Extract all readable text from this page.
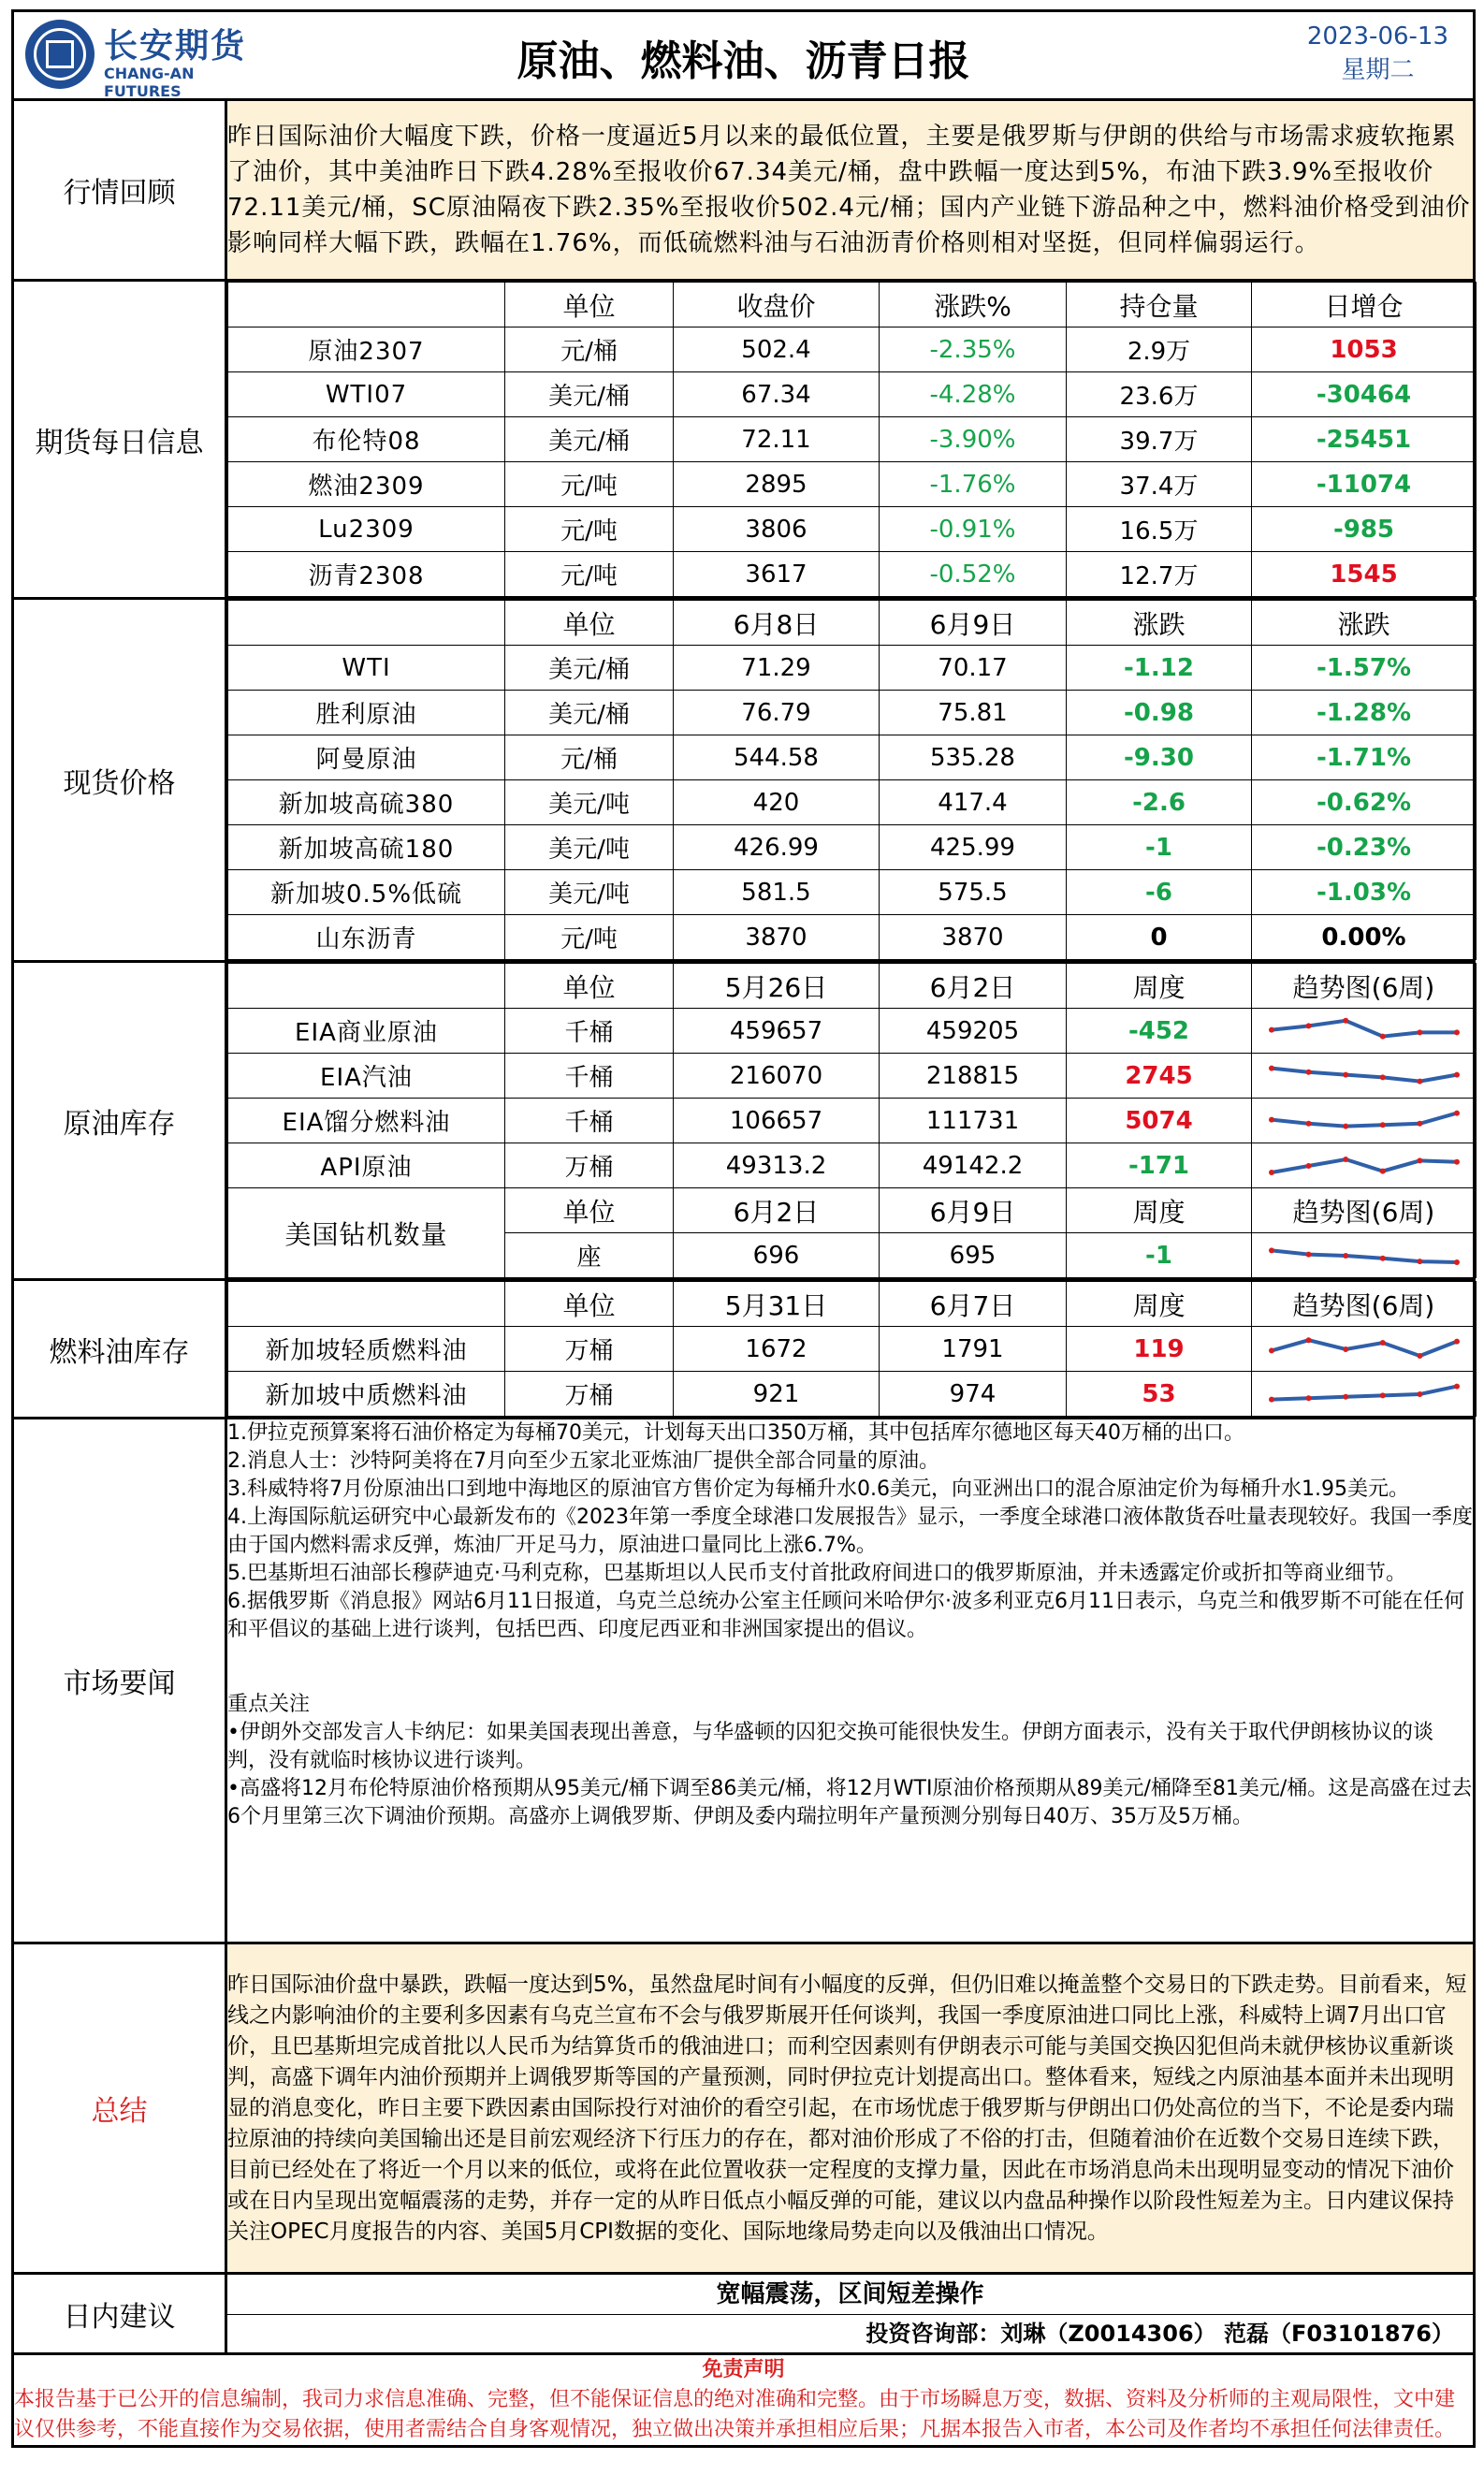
长安期货
CHANG-AN FUTURES
原油、燃料油、沥青日报
2023-06-13
星期二

行情回顾	昨日国际油价大幅度下跌，价格一度逼近5月以来的最低位置，主要是俄罗斯与伊朗的供给与市场需求疲软拖累了油价，其中美油昨日下跌4.28%至报收价67.34美元/桶，盘中跌幅一度达到5%，布油下跌3.9%至报收价72.11美元/桶，SC原油隔夜下跌2.35%至报收价502.4元/桶；国内产业链下游品种之中，燃料油价格受到油价影响同样大幅下跌，跌幅在1.76%，而低硫燃料油与石油沥青价格则相对坚挺，但同样偏弱运行。
期货每日信息	
	单位	收盘价	涨跌%	持仓量	日增仓
原油2307	元/桶	502.4	-2.35%	2.9万	1053
WTI07	美元/桶	67.34	-4.28%	23.6万	-30464
布伦特08	美元/桶	72.11	-3.90%	39.7万	-25451
燃油2309	元/吨	2895	-1.76%	37.4万	-11074
Lu2309	元/吨	3806	-0.91%	16.5万	-985
沥青2308	元/吨	3617	-0.52%	12.7万	1545

现货价格	
	单位	6月8日	6月9日	涨跌	涨跌
WTI	美元/桶	71.29	70.17	-1.12	-1.57%
胜利原油	美元/桶	76.79	75.81	-0.98	-1.28%
阿曼原油	元/桶	544.58	535.28	-9.30	-1.71%
新加坡高硫380	美元/吨	420	417.4	-2.6	-0.62%
新加坡高硫180	美元/吨	426.99	425.99	-1	-0.23%
新加坡0.5%低硫	美元/吨	581.5	575.5	-6	-1.03%
山东沥青	元/吨	3870	3870	0	0.00%

原油库存	
	单位	5月26日	6月2日	周度	趋势图(6周)
EIA商业原油	千桶	459657	459205	-452	

EIA汽油	千桶	216070	218815	2745	

EIA馏分燃料油	千桶	106657	111731	5074	

API原油	万桶	49313.2	49142.2	-171	

美国钻机数量	单位	6月2日	6月9日	周度	趋势图(6周)
座	696	695	-1	

燃料油库存	
	单位	5月31日	6月7日	周度	趋势图(6周)
新加坡轻质燃料油	万桶	1672	1791	119	

新加坡中质燃料油	万桶	921	974	53	

市场要闻	
1.伊拉克预算案将石油价格定为每桶70美元，计划每天出口350万桶，其中包括库尔德地区每天40万桶的出口。
2.消息人士：沙特阿美将在7月向至少五家北亚炼油厂提供全部合同量的原油。
3.科威特将7月份原油出口到地中海地区的原油官方售价定为每桶升水0.6美元，向亚洲出口的混合原油定价为每桶升水1.95美元。
4.上海国际航运研究中心最新发布的《2023年第一季度全球港口发展报告》显示，一季度全球港口液体散货吞吐量表现较好。我国一季度由于国内燃料需求反弹，炼油厂开足马力，原油进口量同比上涨6.7%。
5.巴基斯坦石油部长穆萨迪克·马利克称，巴基斯坦以人民币支付首批政府间进口的俄罗斯原油，并未透露定价或折扣等商业细节。
6.据俄罗斯《消息报》网站6月11日报道，乌克兰总统办公室主任顾问米哈伊尔·波多利亚克6月11日表示，乌克兰和俄罗斯不可能在任何和平倡议的基础上进行谈判，包括巴西、印度尼西亚和非洲国家提出的倡议。
重点关注
•伊朗外交部发言人卡纳尼：如果美国表现出善意，与华盛顿的囚犯交换可能很快发生。伊朗方面表示，没有关于取代伊朗核协议的谈判，没有就临时核协议进行谈判。
•高盛将12月布伦特原油价格预期从95美元/桶下调至86美元/桶，将12月WTI原油价格预期从89美元/桶降至81美元/桶。这是高盛在过去6个月里第三次下调油价预期。高盛亦上调俄罗斯、伊朗及委内瑞拉明年产量预测分别每日40万、35万及5万桶。

总结	昨日国际油价盘中暴跌，跌幅一度达到5%，虽然盘尾时间有小幅度的反弹，但仍旧难以掩盖整个交易日的下跌走势。目前看来，短线之内影响油价的主要利多因素有乌克兰宣布不会与俄罗斯展开任何谈判，我国一季度原油进口同比上涨，科威特上调7月出口官价，且巴基斯坦完成首批以人民币为结算货币的俄油进口；而利空因素则有伊朗表示可能与美国交换囚犯但尚未就伊核协议重新谈判，高盛下调年内油价预期并上调俄罗斯等国的产量预测，同时伊拉克计划提高出口。整体看来，短线之内原油基本面并未出现明显的消息变化，昨日主要下跌因素由国际投行对油价的看空引起，在市场忧虑于俄罗斯与伊朗出口仍处高位的当下，不论是委内瑞拉原油的持续向美国输出还是目前宏观经济下行压力的存在，都对油价形成了不俗的打击，但随着油价在近数个交易日连续下跌，目前已经处在了将近一个月以来的低位，或将在此位置收获一定程度的支撑力量，因此在市场消息尚未出现明显变动的情况下油价或在日内呈现出宽幅震荡的走势，并存一定的从昨日低点小幅反弹的可能，建议以内盘品种操作以阶段性短差为主。日内建议保持关注OPEC月度报告的内容、美国5月CPI数据的变化、国际地缘局势走向以及俄油出口情况。
日内建议	
宽幅震荡，区间短差操作
投资咨询部：刘琳（Z0014306） 范磊（F03101876）

免责声明
本报告基于已公开的信息编制，我司力求信息准确、完整，但不能保证信息的绝对准确和完整。由于市场瞬息万变，数据、资料及分析师的主观局限性，文中建议仅供参考，不能直接作为交易依据，使用者需结合自身客观情况，独立做出决策并承担相应后果；凡据本报告入市者，本公司及作者均不承担任何法律责任。
